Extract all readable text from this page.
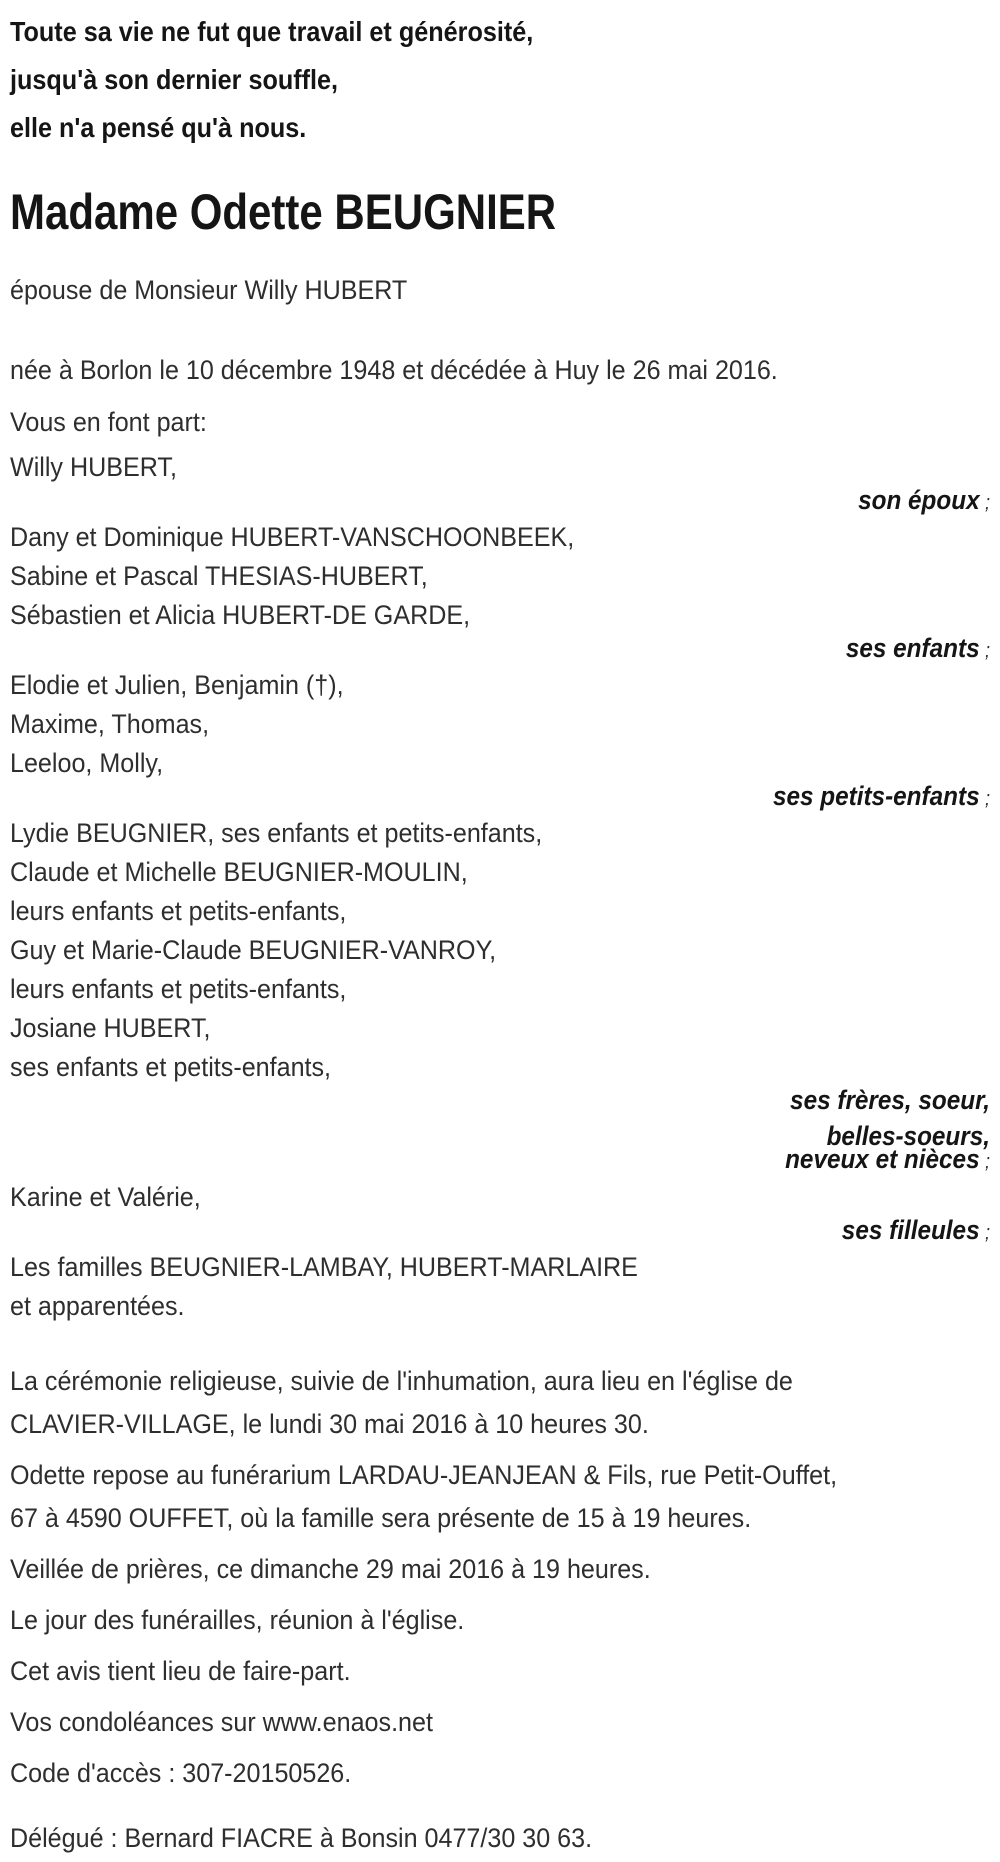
Toute sa vie ne fut que travail et générosité,
jusqu'à son dernier souffle,
elle n'a pensé qu'à nous.
Madame Odette BEUGNIER
épouse de Monsieur Willy HUBERT
née à Borlon le 10 décembre 1948 et décédée à Huy le 26 mai 2016.
Vous en font part:
Willy HUBERT,
son époux ;
Dany et Dominique HUBERT-VANSCHOONBEEK,
Sabine et Pascal THESIAS-HUBERT,
Sébastien et Alicia HUBERT-DE GARDE,
ses enfants ;
Elodie et Julien, Benjamin (†),
Maxime, Thomas,
Leeloo, Molly,
ses petits-enfants ;
Lydie BEUGNIER, ses enfants et petits-enfants,
Claude et Michelle BEUGNIER-MOULIN,
leurs enfants et petits-enfants,
Guy et Marie-Claude BEUGNIER-VANROY,
leurs enfants et petits-enfants,
Josiane HUBERT,
ses enfants et petits-enfants,
ses frères, soeur,
belles-soeurs,
neveux et nièces ;
Karine et Valérie,
ses filleules ;
Les familles BEUGNIER-LAMBAY, HUBERT-MARLAIRE
et apparentées.
La cérémonie religieuse, suivie de l'inhumation, aura lieu en l'église de
CLAVIER-VILLAGE, le lundi 30 mai 2016 à 10 heures 30.
Odette repose au funérarium LARDAU-JEANJEAN & Fils, rue Petit-Ouffet,
67 à 4590 OUFFET, où la famille sera présente de 15 à 19 heures.
Veillée de prières, ce dimanche 29 mai 2016 à 19 heures.
Le jour des funérailles, réunion à l'église.
Cet avis tient lieu de faire-part.
Vos condoléances sur www.enaos.net
Code d'accès : 307-20150526.
Délégué : Bernard FIACRE à Bonsin 0477/30 30 63.
